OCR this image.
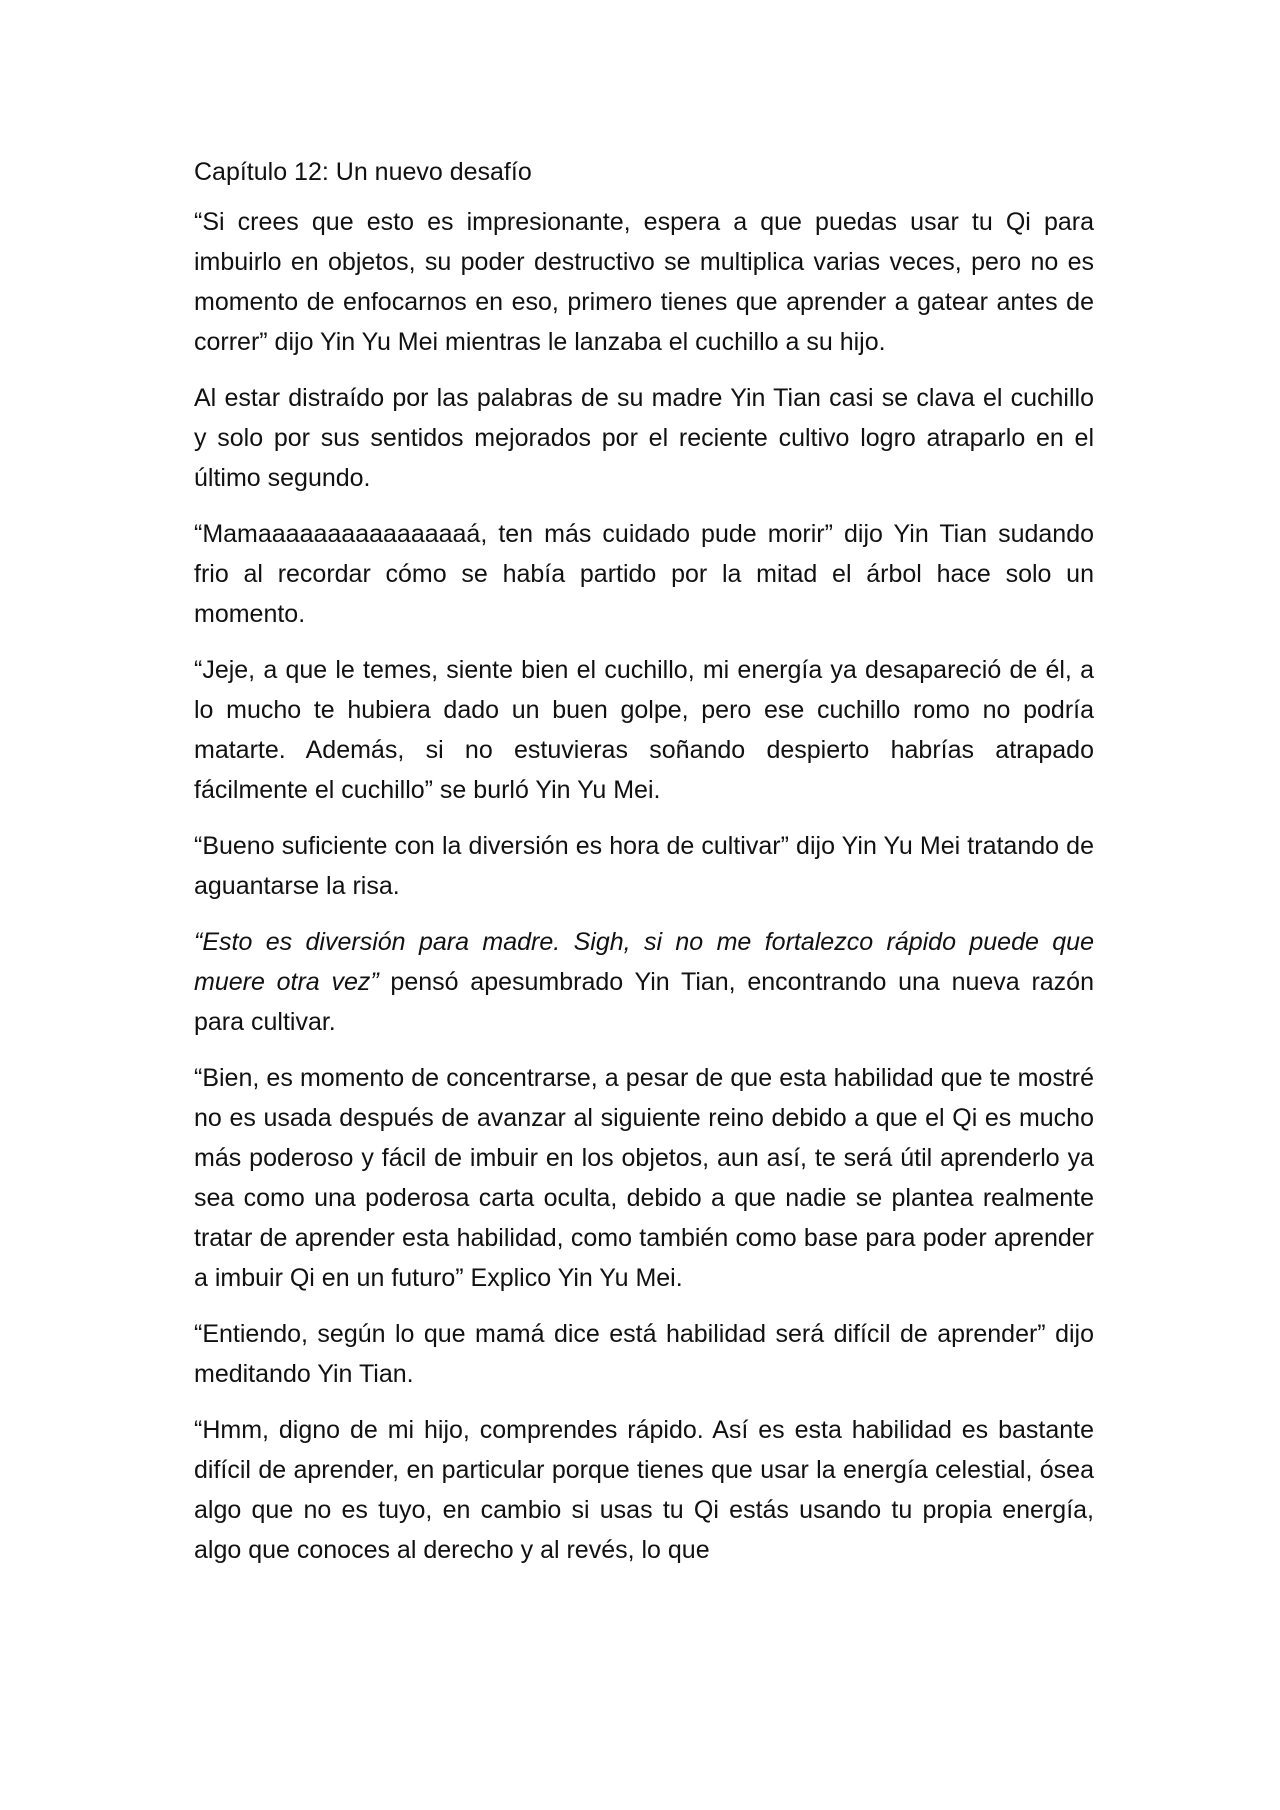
Capítulo 12: Un nuevo desafío

“Si crees que esto es impresionante, espera a que puedas usar tu Qi para imbuirlo en objetos, su poder destructivo se multiplica varias veces, pero no es momento de enfocarnos en eso, primero tienes que aprender a gatear antes de correr” dijo Yin Yu Mei mientras le lanzaba el cuchillo a su hijo.

Al estar distraído por las palabras de su madre Yin Tian casi se clava el cuchillo y solo por sus sentidos mejorados por el reciente cultivo logro atraparlo en el último segundo.

“Mamaaaaaaaaaaaaaaaá, ten más cuidado pude morir” dijo Yin Tian sudando frio al recordar cómo se había partido por la mitad el árbol hace solo un momento.

“Jeje, a que le temes, siente bien el cuchillo, mi energía ya desapareció de él, a lo mucho te hubiera dado un buen golpe, pero ese cuchillo romo no podría matarte. Además, si no estuvieras soñando despierto habrías atrapado fácilmente el cuchillo” se burló Yin Yu Mei.

“Bueno suficiente con la diversión es hora de cultivar” dijo Yin Yu Mei tratando de aguantarse la risa.

“Esto es diversión para madre. Sigh, si no me fortalezco rápido puede que muere otra vez” pensó apesumbrado Yin Tian, encontrando una nueva razón para cultivar.

“Bien, es momento de concentrarse, a pesar de que esta habilidad que te mostré no es usada después de avanzar al siguiente reino debido a que el Qi es mucho más poderoso y fácil de imbuir en los objetos, aun así, te será útil aprenderlo ya sea como una poderosa carta oculta, debido a que nadie se plantea realmente tratar de aprender esta habilidad, como también como base para poder aprender a imbuir Qi en un futuro” Explico Yin Yu Mei.

“Entiendo, según lo que mamá dice está habilidad será difícil de aprender” dijo meditando Yin Tian.

“Hmm, digno de mi hijo, comprendes rápido. Así es esta habilidad es bastante difícil de aprender, en particular porque tienes que usar la energía celestial, ósea algo que no es tuyo, en cambio si usas tu Qi estás usando tu propia energía, algo que conoces al derecho y al revés, lo que
